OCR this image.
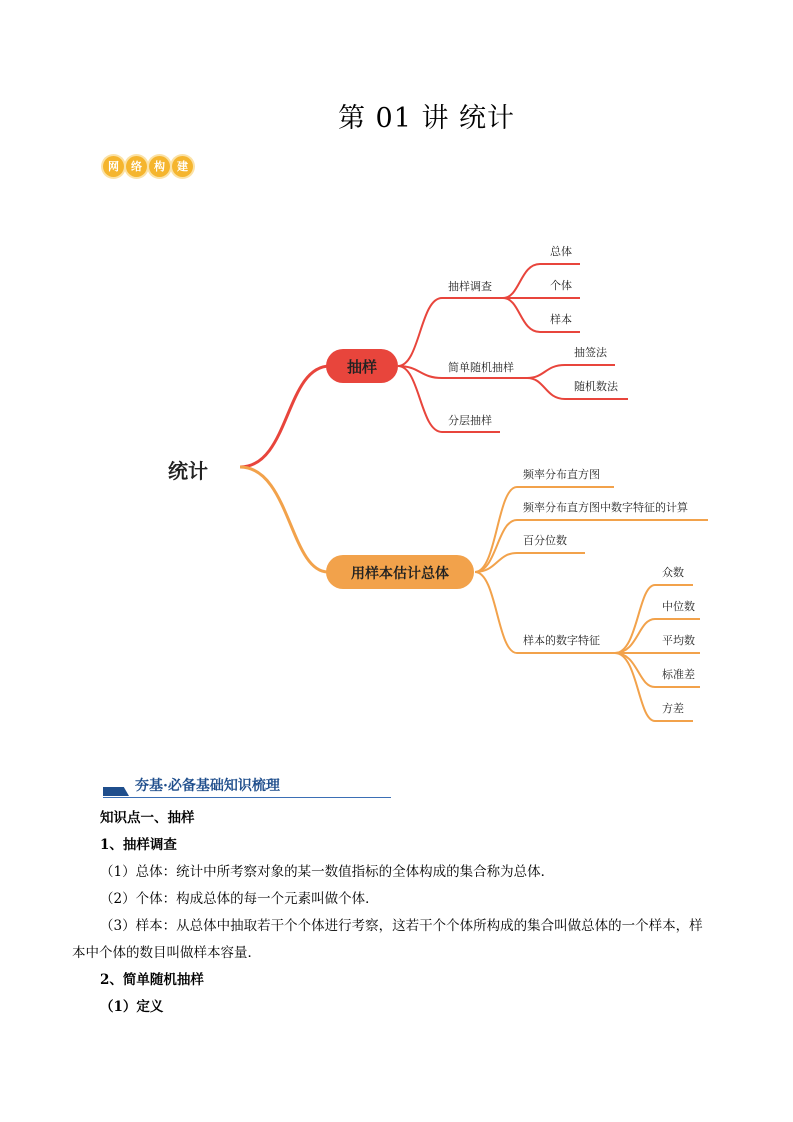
第 01 讲 统计
网	络	构	建
统计
抽样
用样本估计总体
抽样调查
简单随机抽样
分层抽样
总体
个体
样本
抽签法
随机数法
频率分布直方图
频率分布直方图中数字特征的计算
百分位数
样本的数字特征
众数
中位数
平均数
标准差
方差
夯基·必备基础知识梳理
知识点一、抽样
1、抽样调查
（1）总体：统计中所考察对象的某一数值指标的全体构成的集合称为总体．
（2）个体：构成总体的每一个元素叫做个体．
（3）样本：从总体中抽取若干个个体进行考察，这若干个个体所构成的集合叫做总体的一个样本，样
本中个体的数目叫做样本容量．
2、简单随机抽样
（1）定义
